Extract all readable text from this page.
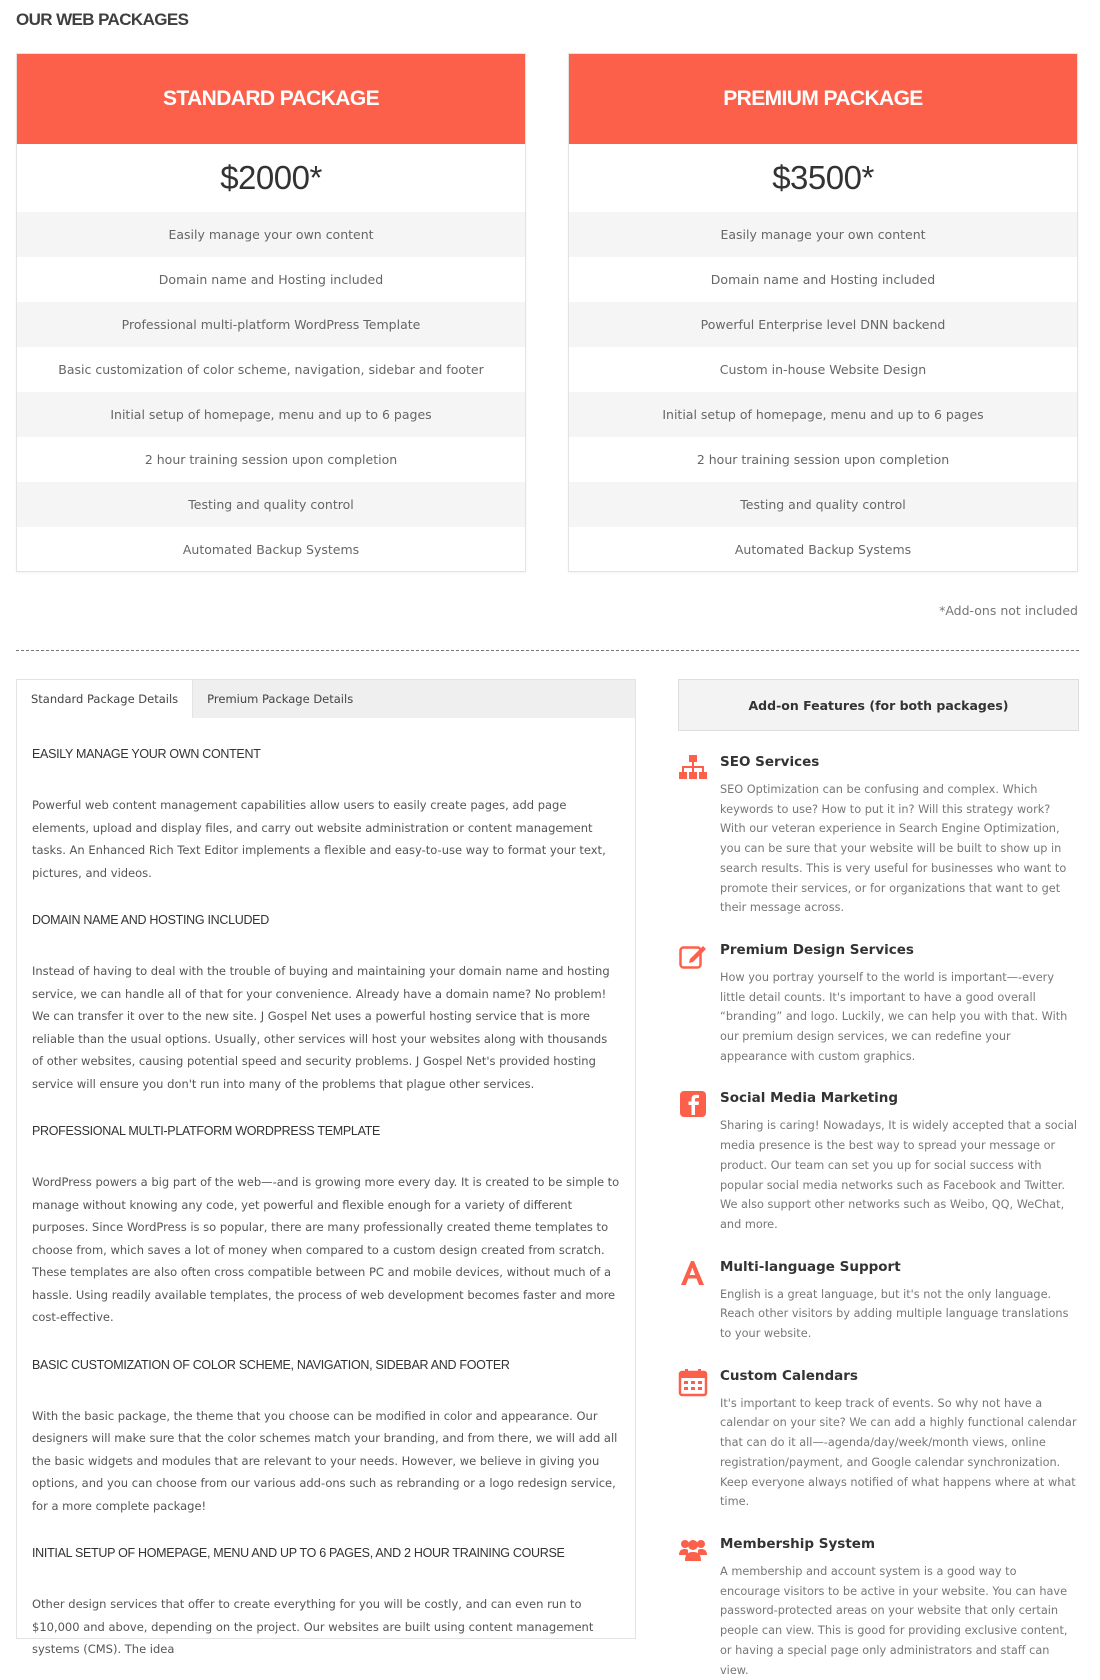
OUR WEB PACKAGES
STANDARD PACKAGE
$2000*
Easily manage your own content
Domain name and Hosting included
Professional multi-platform WordPress Template
Basic customization of color scheme, navigation, sidebar and footer
Initial setup of homepage, menu and up to 6 pages
2 hour training session upon completion
Testing and quality control
Automated Backup Systems
PREMIUM PACKAGE
$3500*
Easily manage your own content
Domain name and Hosting included
Powerful Enterprise level DNN backend
Custom in-house Website Design
Initial setup of homepage, menu and up to 6 pages
2 hour training session upon completion
Testing and quality control
Automated Backup Systems
*Add-ons not included
Standard Package Details	Premium Package Details
EASILY MANAGE YOUR OWN CONTENT
Powerful web content management capabilities allow users to easily create pages, add page elements, upload and display files, and carry out website administration or content management tasks. An Enhanced Rich Text Editor implements a flexible and easy-to-use way to format your text, pictures, and videos.
DOMAIN NAME AND HOSTING INCLUDED
Instead of having to deal with the trouble of buying and maintaining your domain name and hosting service, we can handle all of that for your convenience. Already have a domain name? No problem! We can transfer it over to the new site. J Gospel Net uses a powerful hosting service that is more reliable than the usual options. Usually, other services will host your websites along with thousands of other websites, causing potential speed and security problems. J Gospel Net's provided hosting service will ensure you don't run into many of the problems that plague other services.
PROFESSIONAL MULTI-PLATFORM WORDPRESS TEMPLATE
WordPress powers a big part of the web—-and is growing more every day. It is created to be simple to manage without knowing any code, yet powerful and flexible enough for a variety of different purposes. Since WordPress is so popular, there are many professionally created theme templates to choose from, which saves a lot of money when compared to a custom design created from scratch. These templates are also often cross compatible between PC and mobile devices, without much of a hassle. Using readily available templates, the process of web development becomes faster and more cost-effective.
BASIC CUSTOMIZATION OF COLOR SCHEME, NAVIGATION, SIDEBAR AND FOOTER
With the basic package, the theme that you choose can be modified in color and appearance. Our designers will make sure that the color schemes match your branding, and from there, we will add all the basic widgets and modules that are relevant to your needs. However, we believe in giving you options, and you can choose from our various add-ons such as rebranding or a logo redesign service, for a more complete package!
INITIAL SETUP OF HOMEPAGE, MENU AND UP TO 6 PAGES, AND 2 HOUR TRAINING COURSE
Other design services that offer to create everything for you will be costly, and can even run to $10,000 and above, depending on the project. Our websites are built using content management systems (CMS). The idea
Add-on Features (for both packages)
SEO Services
SEO Optimization can be confusing and complex. Which keywords to use? How to put it in? Will this strategy work? With our veteran experience in Search Engine Optimization, you can be sure that your website will be built to show up in search results. This is very useful for businesses who want to promote their services, or for organizations that want to get their message across.
Premium Design Services
How you portray yourself to the world is important—-every little detail counts. It's important to have a good overall “branding” and logo. Luckily, we can help you with that. With our premium design services, we can redefine your appearance with custom graphics.
Social Media Marketing
Sharing is caring! Nowadays, It is widely accepted that a social media presence is the best way to spread your message or product. Our team can set you up for social success with popular social media networks such as Facebook and Twitter. We also support other networks such as Weibo, QQ, WeChat, and more.
Multi-language Support
English is a great language, but it's not the only language. Reach other visitors by adding multiple language translations to your website.
Custom Calendars
It's important to keep track of events. So why not have a calendar on your site? We can add a highly functional calendar that can do it all—-agenda/day/week/month views, online registration/payment, and Google calendar synchronization. Keep everyone always notified of what happens where at what time.
Membership System
A membership and account system is a good way to encourage visitors to be active in your website. You can have password-protected areas on your website that only certain people can view. This is good for providing exclusive content, or having a special page only administrators and staff can view.
